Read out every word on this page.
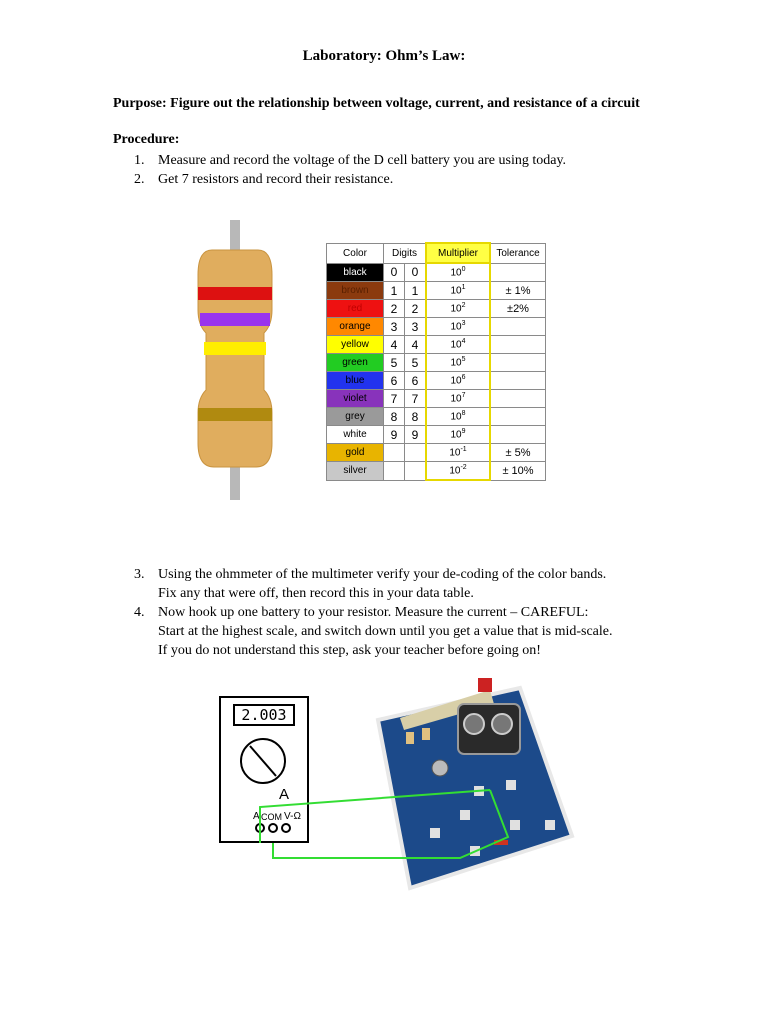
Laboratory: Ohm’s Law:
Purpose: Figure out the relationship between voltage, current, and resistance of a circuit
Procedure:
1. Measure and record the voltage of the D cell battery you are using today.
2. Get 7 resistors and record their resistance.
Color	Digits		Multiplier	Tolerance
black	0	0	$10^0$	
brown	1	1	$10^1$	± 1%
red	2	2	$10^2$	±2%
orange	3	3	$10^3$	
yellow	4	4	$10^4$	
green	5	5	$10^5$	
blue	6	6	$10^6$	
violet	7	7	$10^7$	
grey	8	8	$10^8$	
white	9	9	$10^9$	
gold			$10^{-1}$	± 5%
silver			$10^{-2}$	± 10%
3. Using the ohmmeter of the multimeter verify your de-coding of the color bands.
Fix any that were off, then record this in your data table.
4. Now hook up one battery to your resistor. Measure the current – CAREFUL:
Start at the highest scale, and switch down until you get a value that is mid-scale.
If you do not understand this step, ask your teacher before going on!
2.003
A
A COM V-Ω
